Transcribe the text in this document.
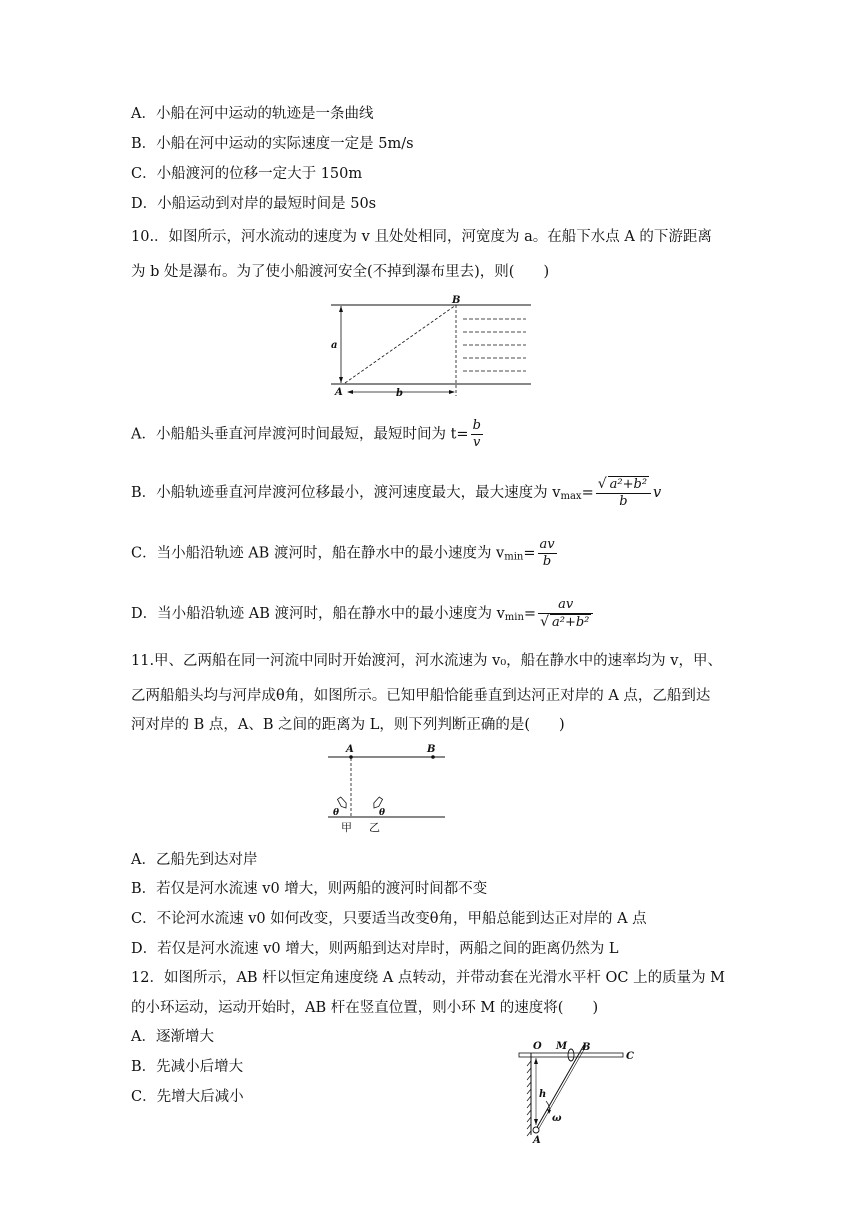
A．小船在河中运动的轨迹是一条曲线
B．小船在河中运动的实际速度一定是 5m/s
C．小船渡河的位移一定大于 150m
D．小船运动到对岸的最短时间是 50s
10.．如图所示，河水流动的速度为 v 且处处相同，河宽度为 a。在船下水点 A 的下游距离
为 b 处是瀑布。为了使小船渡河安全(不掉到瀑布里去)，则(　　)
B
A
a
b
A．小船船头垂直河岸渡河时间最短，最短时间为 $t= \frac{b}{v}$
B．小船轨迹垂直河岸渡河位移最小，渡河速度最大，最大速度为 $v_{max}= \frac{\text{√ a²+b²}}{b}$ v
C．当小船沿轨迹 AB 渡河时，船在静水中的最小速度为 $v_{min}= \frac{av}{b}$
D．当小船沿轨迹 AB 渡河时，船在静水中的最小速度为 $v_{min}= \frac{av}{\text{√ a²+b²}}$
11.甲、乙两船在同一河流中同时开始渡河，河水流速为 v₀，船在静水中的速率均为 v，甲、
乙两船船头均与河岸成θ角，如图所示。已知甲船恰能垂直到达河正对岸的 A 点，乙船到达
河对岸的 B 点，A、B 之间的距离为 L，则下列判断正确的是(　　)
A	B
θ	θ
甲 乙
A．乙船先到达对岸
B．若仅是河水流速 v0 增大，则两船的渡河时间都不变
C．不论河水流速 v0 如何改变，只要适当改变θ角，甲船总能到达正对岸的 A 点
D．若仅是河水流速 v0 增大，则两船到达对岸时，两船之间的距离仍然为 L
12．如图所示，AB 杆以恒定角速度绕 A 点转动，并带动套在光滑水平杆 OC 上的质量为 M
的小环运动，运动开始时，AB 杆在竖直位置，则小环 M 的速度将(　　)
A．逐渐增大
B．先减小后增大
C．先增大后减小
O M B
C
h
ω
A
